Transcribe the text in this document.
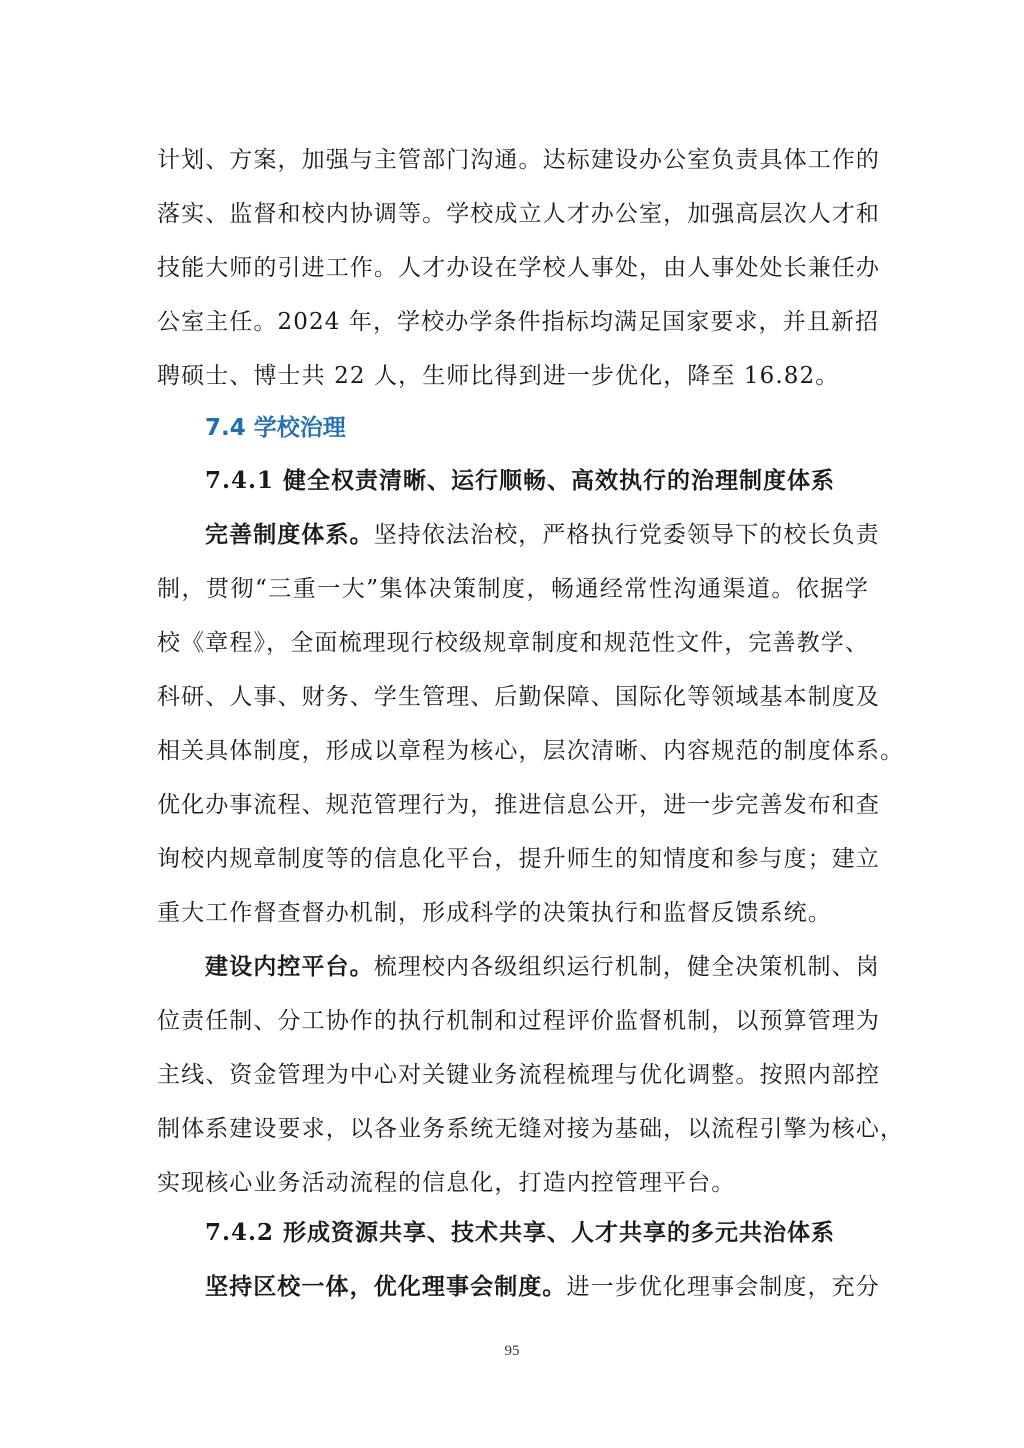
计划、方案，加强与主管部门沟通。达标建设办公室负责具体工作的
落实、监督和校内协调等。学校成立人才办公室，加强高层次人才和
技能大师的引进工作。人才办设在学校人事处，由人事处处长兼任办
公室主任。2024 年，学校办学条件指标均满足国家要求，并且新招
聘硕士、博士共 22 人，生师比得到进一步优化，降至 16.82。
7.4 学校治理
7.4.1 健全权责清晰、运行顺畅、高效执行的治理制度体系
完善制度体系。坚持依法治校，严格执行党委领导下的校长负责
制，贯彻“三重一大”集体决策制度，畅通经常性沟通渠道。依据学
校《章程》，全面梳理现行校级规章制度和规范性文件，完善教学、
科研、人事、财务、学生管理、后勤保障、国际化等领域基本制度及
相关具体制度，形成以章程为核心，层次清晰、内容规范的制度体系。
优化办事流程、规范管理行为，推进信息公开，进一步完善发布和查
询校内规章制度等的信息化平台，提升师生的知情度和参与度；建立
重大工作督查督办机制，形成科学的决策执行和监督反馈系统。
建设内控平台。梳理校内各级组织运行机制，健全决策机制、岗
位责任制、分工协作的执行机制和过程评价监督机制，以预算管理为
主线、资金管理为中心对关键业务流程梳理与优化调整。按照内部控
制体系建设要求，以各业务系统无缝对接为基础，以流程引擎为核心，
实现核心业务活动流程的信息化，打造内控管理平台。
7.4.2 形成资源共享、技术共享、人才共享的多元共治体系
坚持区校一体，优化理事会制度。进一步优化理事会制度，充分
95
